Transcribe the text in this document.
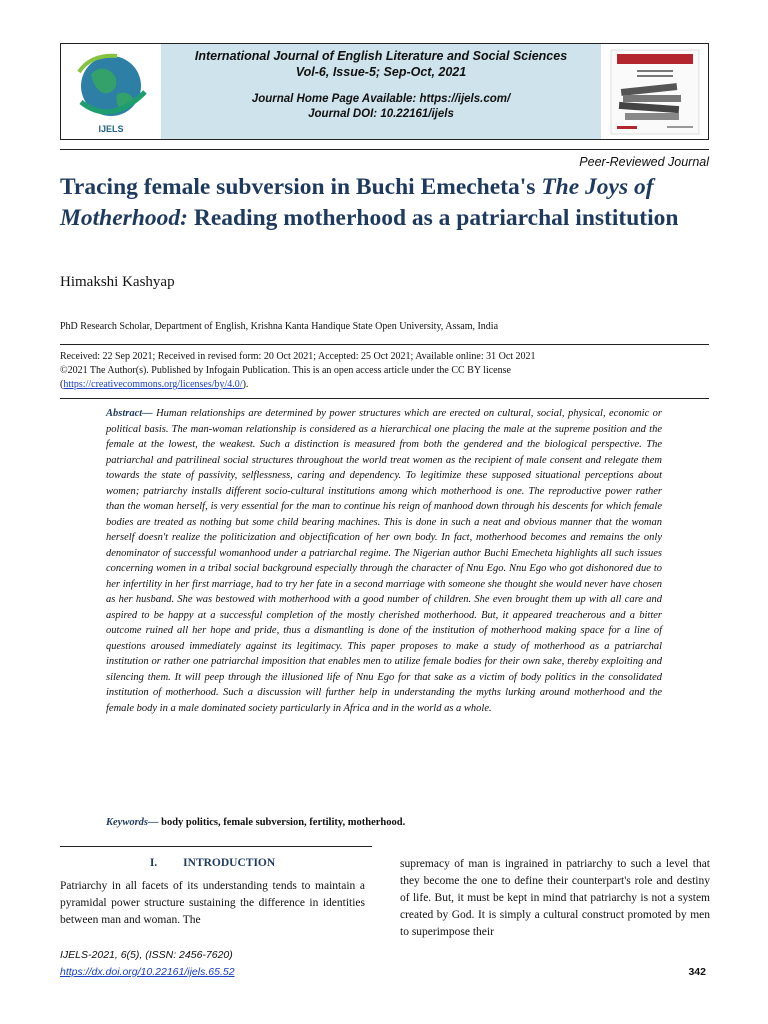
IJELS
International Journal of English Literature and Social Sciences
Vol-6, Issue-5; Sep-Oct, 2021
Journal Home Page Available: https://ijels.com/
Journal DOI: 10.22161/ijels
Peer-Reviewed Journal
Tracing female subversion in Buchi Emecheta's The Joys of Motherhood: Reading motherhood as a patriarchal institution
Himakshi Kashyap
PhD Research Scholar, Department of English, Krishna Kanta Handique State Open University, Assam, India
Received: 22 Sep 2021; Received in revised form: 20 Oct 2021; Accepted: 25 Oct 2021; Available online: 31 Oct 2021
©2021 The Author(s). Published by Infogain Publication. This is an open access article under the CC BY license
(https://creativecommons.org/licenses/by/4.0/).
Abstract— Human relationships are determined by power structures which are erected on cultural, social, physical, economic or political basis. The man-woman relationship is considered as a hierarchical one placing the male at the supreme position and the female at the lowest, the weakest. Such a distinction is measured from both the gendered and the biological perspective. The patriarchal and patrilineal social structures throughout the world treat women as the recipient of male consent and relegate them towards the state of passivity, selflessness, caring and dependency. To legitimize these supposed situational perceptions about women; patriarchy installs different socio-cultural institutions among which motherhood is one. The reproductive power rather than the woman herself, is very essential for the man to continue his reign of manhood down through his descents for which female bodies are treated as nothing but some child bearing machines. This is done in such a neat and obvious manner that the woman herself doesn't realize the politicization and objectification of her own body. In fact, motherhood becomes and remains the only denominator of successful womanhood under a patriarchal regime. The Nigerian author Buchi Emecheta highlights all such issues concerning women in a tribal social background especially through the character of Nnu Ego. Nnu Ego who got dishonored due to her infertility in her first marriage, had to try her fate in a second marriage with someone she thought she would never have chosen as her husband. She was bestowed with motherhood with a good number of children. She even brought them up with all care and aspired to be happy at a successful completion of the mostly cherished motherhood. But, it appeared treacherous and a bitter outcome ruined all her hope and pride, thus a dismantling is done of the institution of motherhood making space for a line of questions aroused immediately against its legitimacy. This paper proposes to make a study of motherhood as a patriarchal institution or rather one patriarchal imposition that enables men to utilize female bodies for their own sake, thereby exploiting and silencing them. It will peep through the illusioned life of Nnu Ego for that sake as a victim of body politics in the consolidated institution of motherhood. Such a discussion will further help in understanding the myths lurking around motherhood and the female body in a male dominated society particularly in Africa and in the world as a whole.
Keywords— body politics, female subversion, fertility, motherhood.
I. INTRODUCTION
Patriarchy in all facets of its understanding tends to maintain a pyramidal power structure sustaining the difference in identities between man and woman. The
supremacy of man is ingrained in patriarchy to such a level that they become the one to define their counterpart's role and destiny of life. But, it must be kept in mind that patriarchy is not a system created by God. It is simply a cultural construct promoted by men to superimpose their
IJELS-2021, 6(5), (ISSN: 2456-7620)
https://dx.doi.org/10.22161/ijels.65.52	342
